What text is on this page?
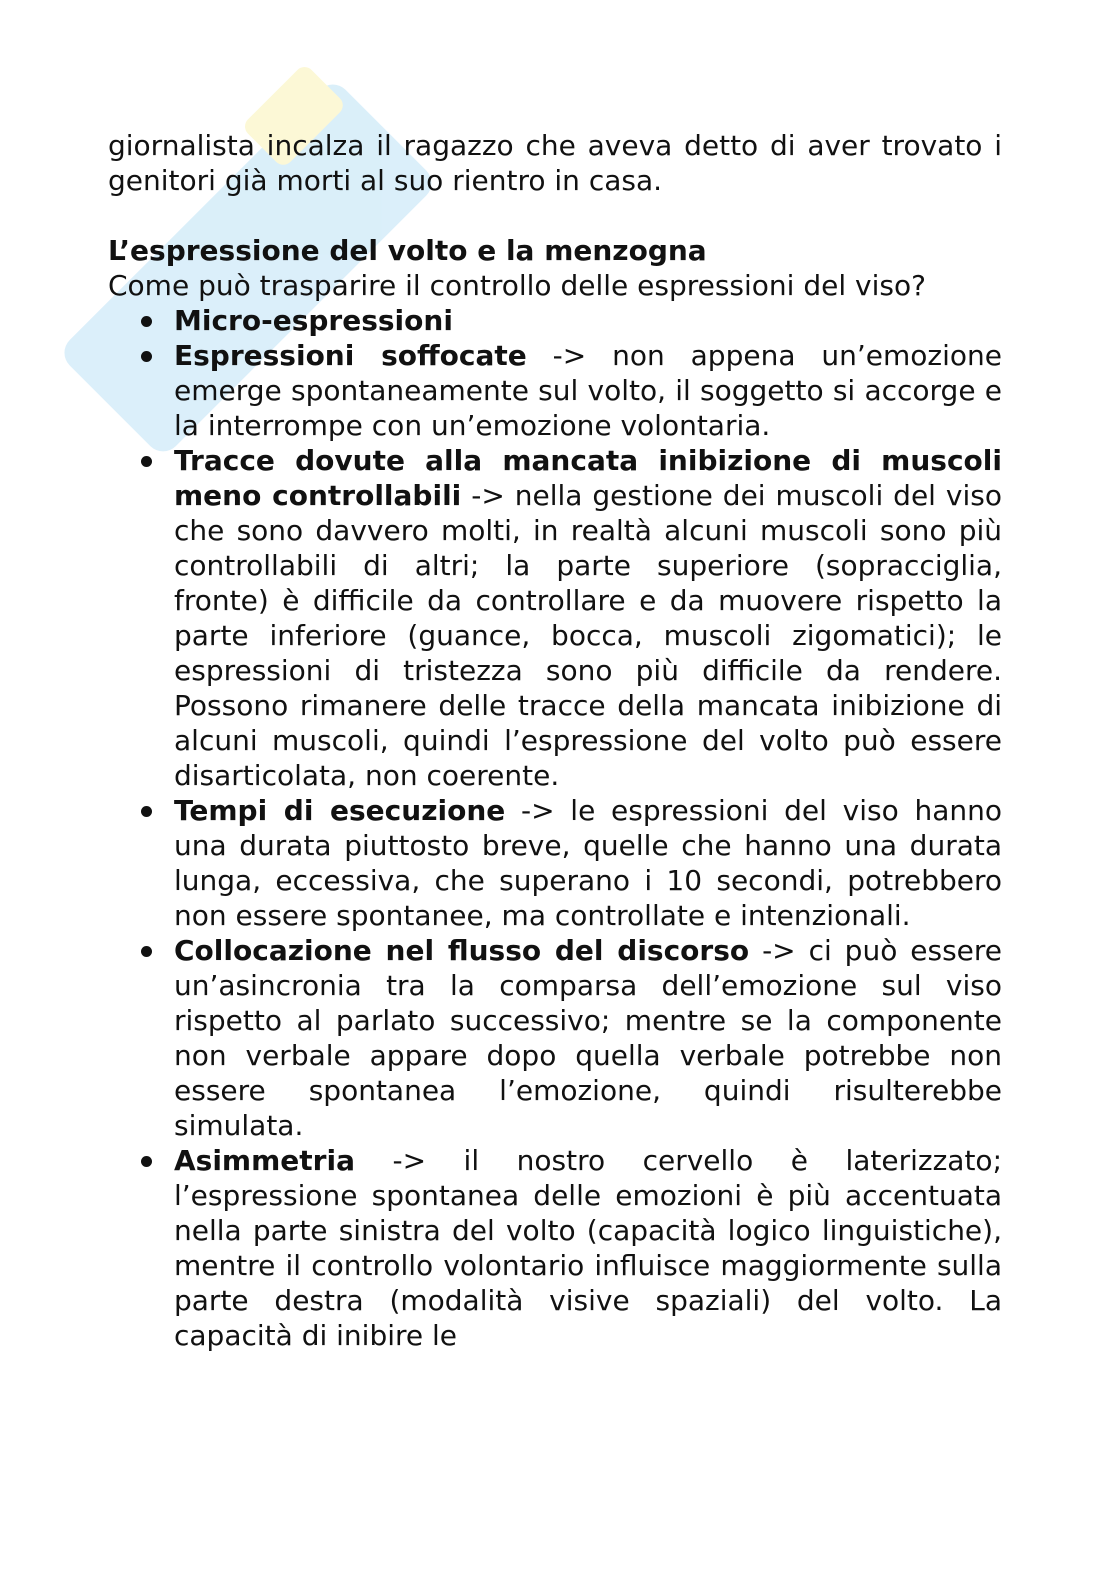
giornalista incalza il ragazzo che aveva detto di aver trovato i genitori già morti al suo rientro in casa.

L’espressione del volto e la menzogna

Come può trasparire il controllo delle espressioni del viso?

Micro-espressioni
Espressioni soffocate -> non appena un’emozione emerge spontaneamente sul volto, il soggetto si accorge e la interrompe con un’emozione volontaria.
Tracce dovute alla mancata inibizione di muscoli meno controllabili -> nella gestione dei muscoli del viso che sono davvero molti, in realtà alcuni muscoli sono più controllabili di altri; la parte superiore (sopracciglia, fronte) è difficile da controllare e da muovere rispetto la parte inferiore (guance, bocca, muscoli zigomatici); le espressioni di tristezza sono più difficile da rendere. Possono rimanere delle tracce della mancata inibizione di alcuni muscoli, quindi l’espressione del volto può essere disarticolata, non coerente.
Tempi di esecuzione -> le espressioni del viso hanno una durata piuttosto breve, quelle che hanno una durata lunga, eccessiva, che superano i 10 secondi, potrebbero non essere spontanee, ma controllate e intenzionali.
Collocazione nel flusso del discorso -> ci può essere un’asincronia tra la comparsa dell’emozione sul viso rispetto al parlato successivo; mentre se la componente non verbale appare dopo quella verbale potrebbe non essere spontanea l’emozione, quindi risulterebbe simulata.
Asimmetria -> il nostro cervello è laterizzato; l’espressione spontanea delle emozioni è più accentuata nella parte sinistra del volto (capacità logico linguistiche), mentre il controllo volontario influisce maggiormente sulla parte destra (modalità visive spaziali) del volto. La capacità di inibire le
